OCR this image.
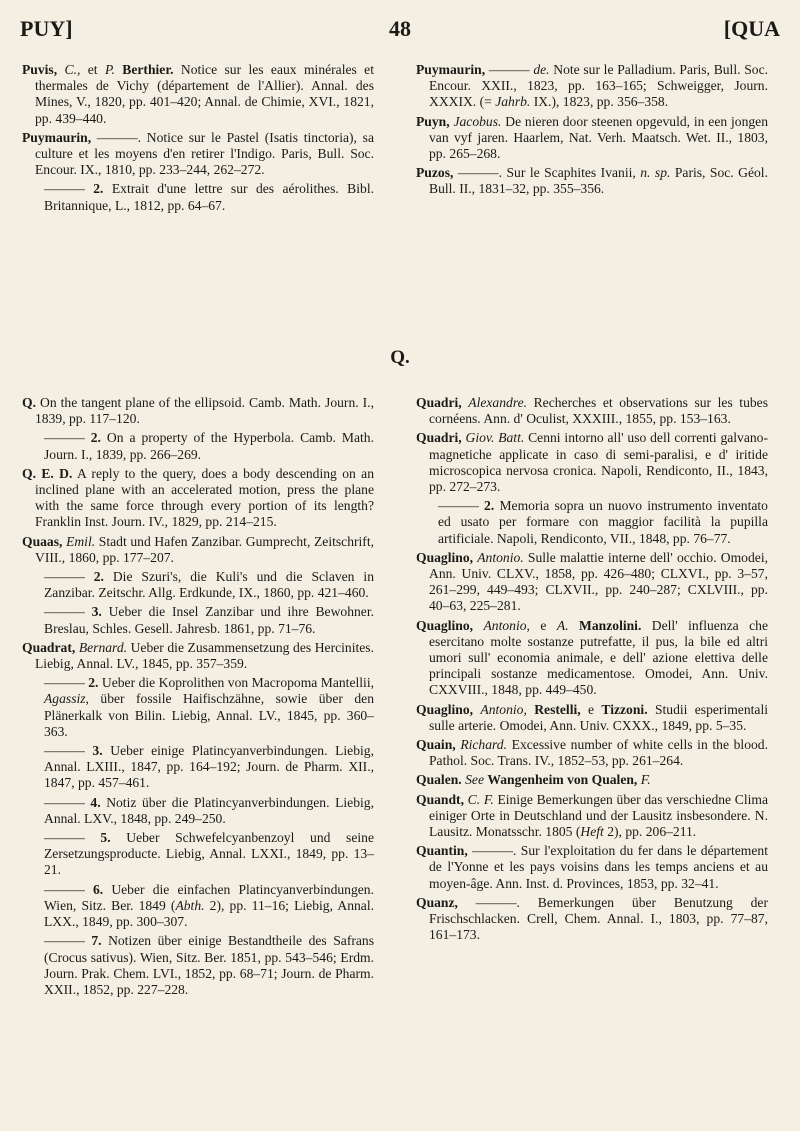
PUY]	48	[QUA

Puvis, C., et P. Berthier. Notice sur les eaux minérales et thermales de Vichy (département de l'Allier). Annal. des Mines, V., 1820, pp. 401–420; Annal. de Chimie, XVI., 1821, pp. 439–440.

Puymaurin, ———. Notice sur le Pastel (Isatis tinctoria), sa culture et les moyens d'en retirer l'Indigo. Paris, Bull. Soc. Encour. IX., 1810, pp. 233–244, 262–272.

——— 2. Extrait d'une lettre sur des aérolithes. Bibl. Britannique, L., 1812, pp. 64–67.

Puymaurin, ——— de. Note sur le Palladium. Paris, Bull. Soc. Encour. XXII., 1823, pp. 163–165; Schweigger, Journ. XXXIX. (= Jahrb. IX.), 1823, pp. 356–358.

Puyn, Jacobus. De nieren door steenen opgevuld, in een jongen van vyf jaren. Haarlem, Nat. Verh. Maatsch. Wet. II., 1803, pp. 265–268.

Puzos, ———. Sur le Scaphites Ivanii, n. sp. Paris, Soc. Géol. Bull. II., 1831–32, pp. 355–356.

Q.

Q. On the tangent plane of the ellipsoid. Camb. Math. Journ. I., 1839, pp. 117–120.

——— 2. On a property of the Hyperbola. Camb. Math. Journ. I., 1839, pp. 266–269.

Q. E. D. A reply to the query, does a body descending on an inclined plane with an accelerated motion, press the plane with the same force through every portion of its length? Franklin Inst. Journ. IV., 1829, pp. 214–215.

Quaas, Emil. Stadt und Hafen Zanzibar. Gumprecht, Zeitschrift, VIII., 1860, pp. 177–207.

——— 2. Die Szuri's, die Kuli's und die Sclaven in Zanzibar. Zeitschr. Allg. Erdkunde, IX., 1860, pp. 421–460.

——— 3. Ueber die Insel Zanzibar und ihre Bewohner. Breslau, Schles. Gesell. Jahresb. 1861, pp. 71–76.

Quadrat, Bernard. Ueber die Zusammensetzung des Hercinites. Liebig, Annal. LV., 1845, pp. 357–359.

——— 2. Ueber die Koprolithen von Macropoma Mantellii, Agassiz, über fossile Haifischzähne, sowie über den Plänerkalk von Bilin. Liebig, Annal. LV., 1845, pp. 360–363.

——— 3. Ueber einige Platincyanverbindungen. Liebig, Annal. LXIII., 1847, pp. 164–192; Journ. de Pharm. XII., 1847, pp. 457–461.

——— 4. Notiz über die Platincyanverbindungen. Liebig, Annal. LXV., 1848, pp. 249–250.

——— 5. Ueber Schwefelcyanbenzoyl und seine Zersetzungsproducte. Liebig, Annal. LXXI., 1849, pp. 13–21.

——— 6. Ueber die einfachen Platincyanverbindungen. Wien, Sitz. Ber. 1849 (Abth. 2), pp. 11–16; Liebig, Annal. LXX., 1849, pp. 300–307.

——— 7. Notizen über einige Bestandtheile des Safrans (Crocus sativus). Wien, Sitz. Ber. 1851, pp. 543–546; Erdm. Journ. Prak. Chem. LVI., 1852, pp. 68–71; Journ. de Pharm. XXII., 1852, pp. 227–228.

Quadri, Alexandre. Recherches et observations sur les tubes cornéens. Ann. d' Oculist, XXXIII., 1855, pp. 153–163.

Quadri, Giov. Batt. Cenni intorno all' uso dell correnti galvano-magnetiche applicate in caso di semi-paralisi, e d' iritide microscopica nervosa cronica. Napoli, Rendiconto, II., 1843, pp. 272–273.

——— 2. Memoria sopra un nuovo instrumento inventato ed usato per formare con maggior facilità la pupilla artificiale. Napoli, Rendiconto, VII., 1848, pp. 76–77.

Quaglino, Antonio. Sulle malattie interne dell' occhio. Omodei, Ann. Univ. CLXV., 1858, pp. 426–480; CLXVI., pp. 3–57, 261–299, 449–493; CLXVII., pp. 240–287; CXLVIII., pp. 40–63, 225–281.

Quaglino, Antonio, e A. Manzolini. Dell' influenza che esercitano molte sostanze putrefatte, il pus, la bile ed altri umori sull' economia animale, e dell' azione elettiva delle principali sostanze medicamentose. Omodei, Ann. Univ. CXXVIII., 1848, pp. 449–450.

Quaglino, Antonio, Restelli, e Tizzoni. Studii esperimentali sulle arterie. Omodei, Ann. Univ. CXXX., 1849, pp. 5–35.

Quain, Richard. Excessive number of white cells in the blood. Pathol. Soc. Trans. IV., 1852–53, pp. 261–264.

Qualen. See Wangenheim von Qualen, F.

Quandt, C. F. Einige Bemerkungen über das verschiedne Clima einiger Orte in Deutschland und der Lausitz insbesondere. N. Lausitz. Monatsschr. 1805 (Heft 2), pp. 206–211.

Quantin, ———. Sur l'exploitation du fer dans le département de l'Yonne et les pays voisins dans les temps anciens et au moyen-âge. Ann. Inst. d. Provinces, 1853, pp. 32–41.

Quanz, ———. Bemerkungen über Benutzung der Frischschlacken. Crell, Chem. Annal. I., 1803, pp. 77–87, 161–173.
